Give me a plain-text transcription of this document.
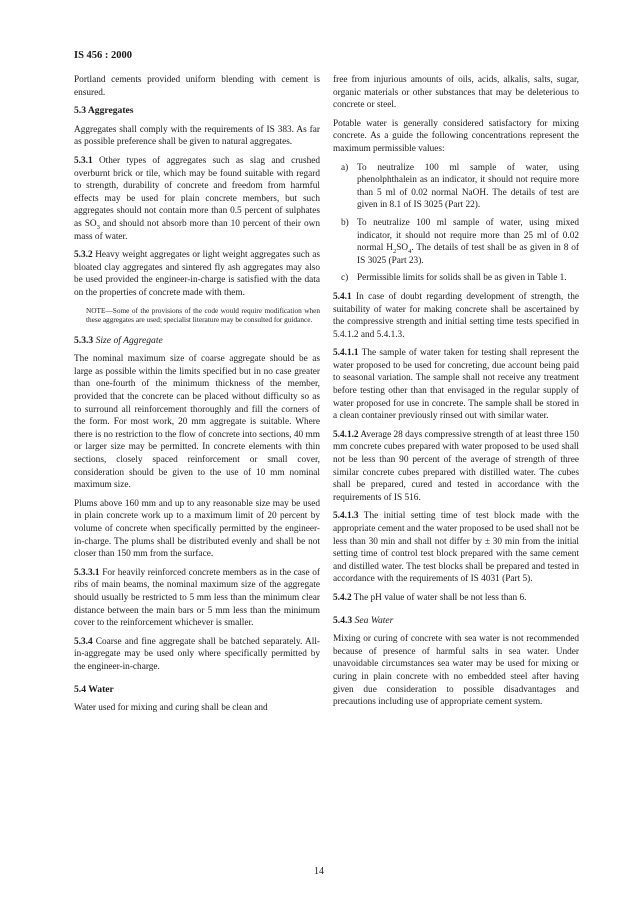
IS 456 : 2000

Portland cements provided uniform blending with cement is ensured.

5.3 Aggregates

Aggregates shall comply with the requirements of IS 383. As far as possible preference shall be given to natural aggregates.

5.3.1 Other types of aggregates such as slag and crushed overburnt brick or tile, which may be found suitable with regard to strength, durability of concrete and freedom from harmful effects may be used for plain concrete members, but such aggregates should not contain more than 0.5 percent of sulphates as $SO_3$ and should not absorb more than 10 percent of their own mass of water.

5.3.2 Heavy weight aggregates or light weight aggregates such as bloated clay aggregates and sintered fly ash aggregates may also be used provided the engineer-in-charge is satisfied with the data on the properties of concrete made with them.

NOTE—Some of the provisions of the code would require modification when these aggregates are used; specialist literature may be consulted for guidance.

5.3.3 Size of Aggregate

The nominal maximum size of coarse aggregate should be as large as possible within the limits specified but in no case greater than one-fourth of the minimum thickness of the member, provided that the concrete can be placed without difficulty so as to surround all reinforcement thoroughly and fill the corners of the form. For most work, 20 mm aggregate is suitable. Where there is no restriction to the flow of concrete into sections, 40 mm or larger size may be permitted. In concrete elements with thin sections, closely spaced reinforcement or small cover, consideration should be given to the use of 10 mm nominal maximum size.

Plums above 160 mm and up to any reasonable size may be used in plain concrete work up to a maximum limit of 20 percent by volume of concrete when specifically permitted by the engineer-in-charge. The plums shall be distributed evenly and shall be not closer than 150 mm from the surface.

5.3.3.1 For heavily reinforced concrete members as in the case of ribs of main beams, the nominal maximum size of the aggregate should usually be restricted to 5 mm less than the minimum clear distance between the main bars or 5 mm less than the minimum cover to the reinforcement whichever is smaller.

5.3.4 Coarse and fine aggregate shall be batched separately. All-in-aggregate may be used only where specifically permitted by the engineer-in-charge.

5.4 Water

Water used for mixing and curing shall be clean and

free from injurious amounts of oils, acids, alkalis, salts, sugar, organic materials or other substances that may be deleterious to concrete or steel.

Potable water is generally considered satisfactory for mixing concrete. As a guide the following concentrations represent the maximum permissible values:

a) To neutralize 100 ml sample of water, using phenolphthalein as an indicator, it should not require more than 5 ml of 0.02 normal NaOH. The details of test are given in 8.1 of IS 3025 (Part 22).
b) To neutralize 100 ml sample of water, using mixed indicator, it should not require more than 25 ml of 0.02 normal $H_2SO_4$. The details of test shall be as given in 8 of IS 3025 (Part 23).
c) Permissible limits for solids shall be as given in Table 1.

5.4.1 In case of doubt regarding development of strength, the suitability of water for making concrete shall be ascertained by the compressive strength and initial setting time tests specified in 5.4.1.2 and 5.4.1.3.

5.4.1.1 The sample of water taken for testing shall represent the water proposed to be used for concreting, due account being paid to seasonal variation. The sample shall not receive any treatment before testing other than that envisaged in the regular supply of water proposed for use in concrete. The sample shall be stored in a clean container previously rinsed out with similar water.

5.4.1.2 Average 28 days compressive strength of at least three 150 mm concrete cubes prepared with water proposed to be used shall not be less than 90 percent of the average of strength of three similar concrete cubes prepared with distilled water. The cubes shall be prepared, cured and tested in accordance with the requirements of IS 516.

5.4.1.3 The initial setting time of test block made with the appropriate cement and the water proposed to be used shall not be less than 30 min and shall not differ by ± 30 min from the initial setting time of control test block prepared with the same cement and distilled water. The test blocks shall be prepared and tested in accordance with the requirements of IS 4031 (Part 5).

5.4.2 The pH value of water shall be not less than 6.

5.4.3 Sea Water

Mixing or curing of concrete with sea water is not recommended because of presence of harmful salts in sea water. Under unavoidable circumstances sea water may be used for mixing or curing in plain concrete with no embedded steel after having given due consideration to possible disadvantages and precautions including use of appropriate cement system.

14
